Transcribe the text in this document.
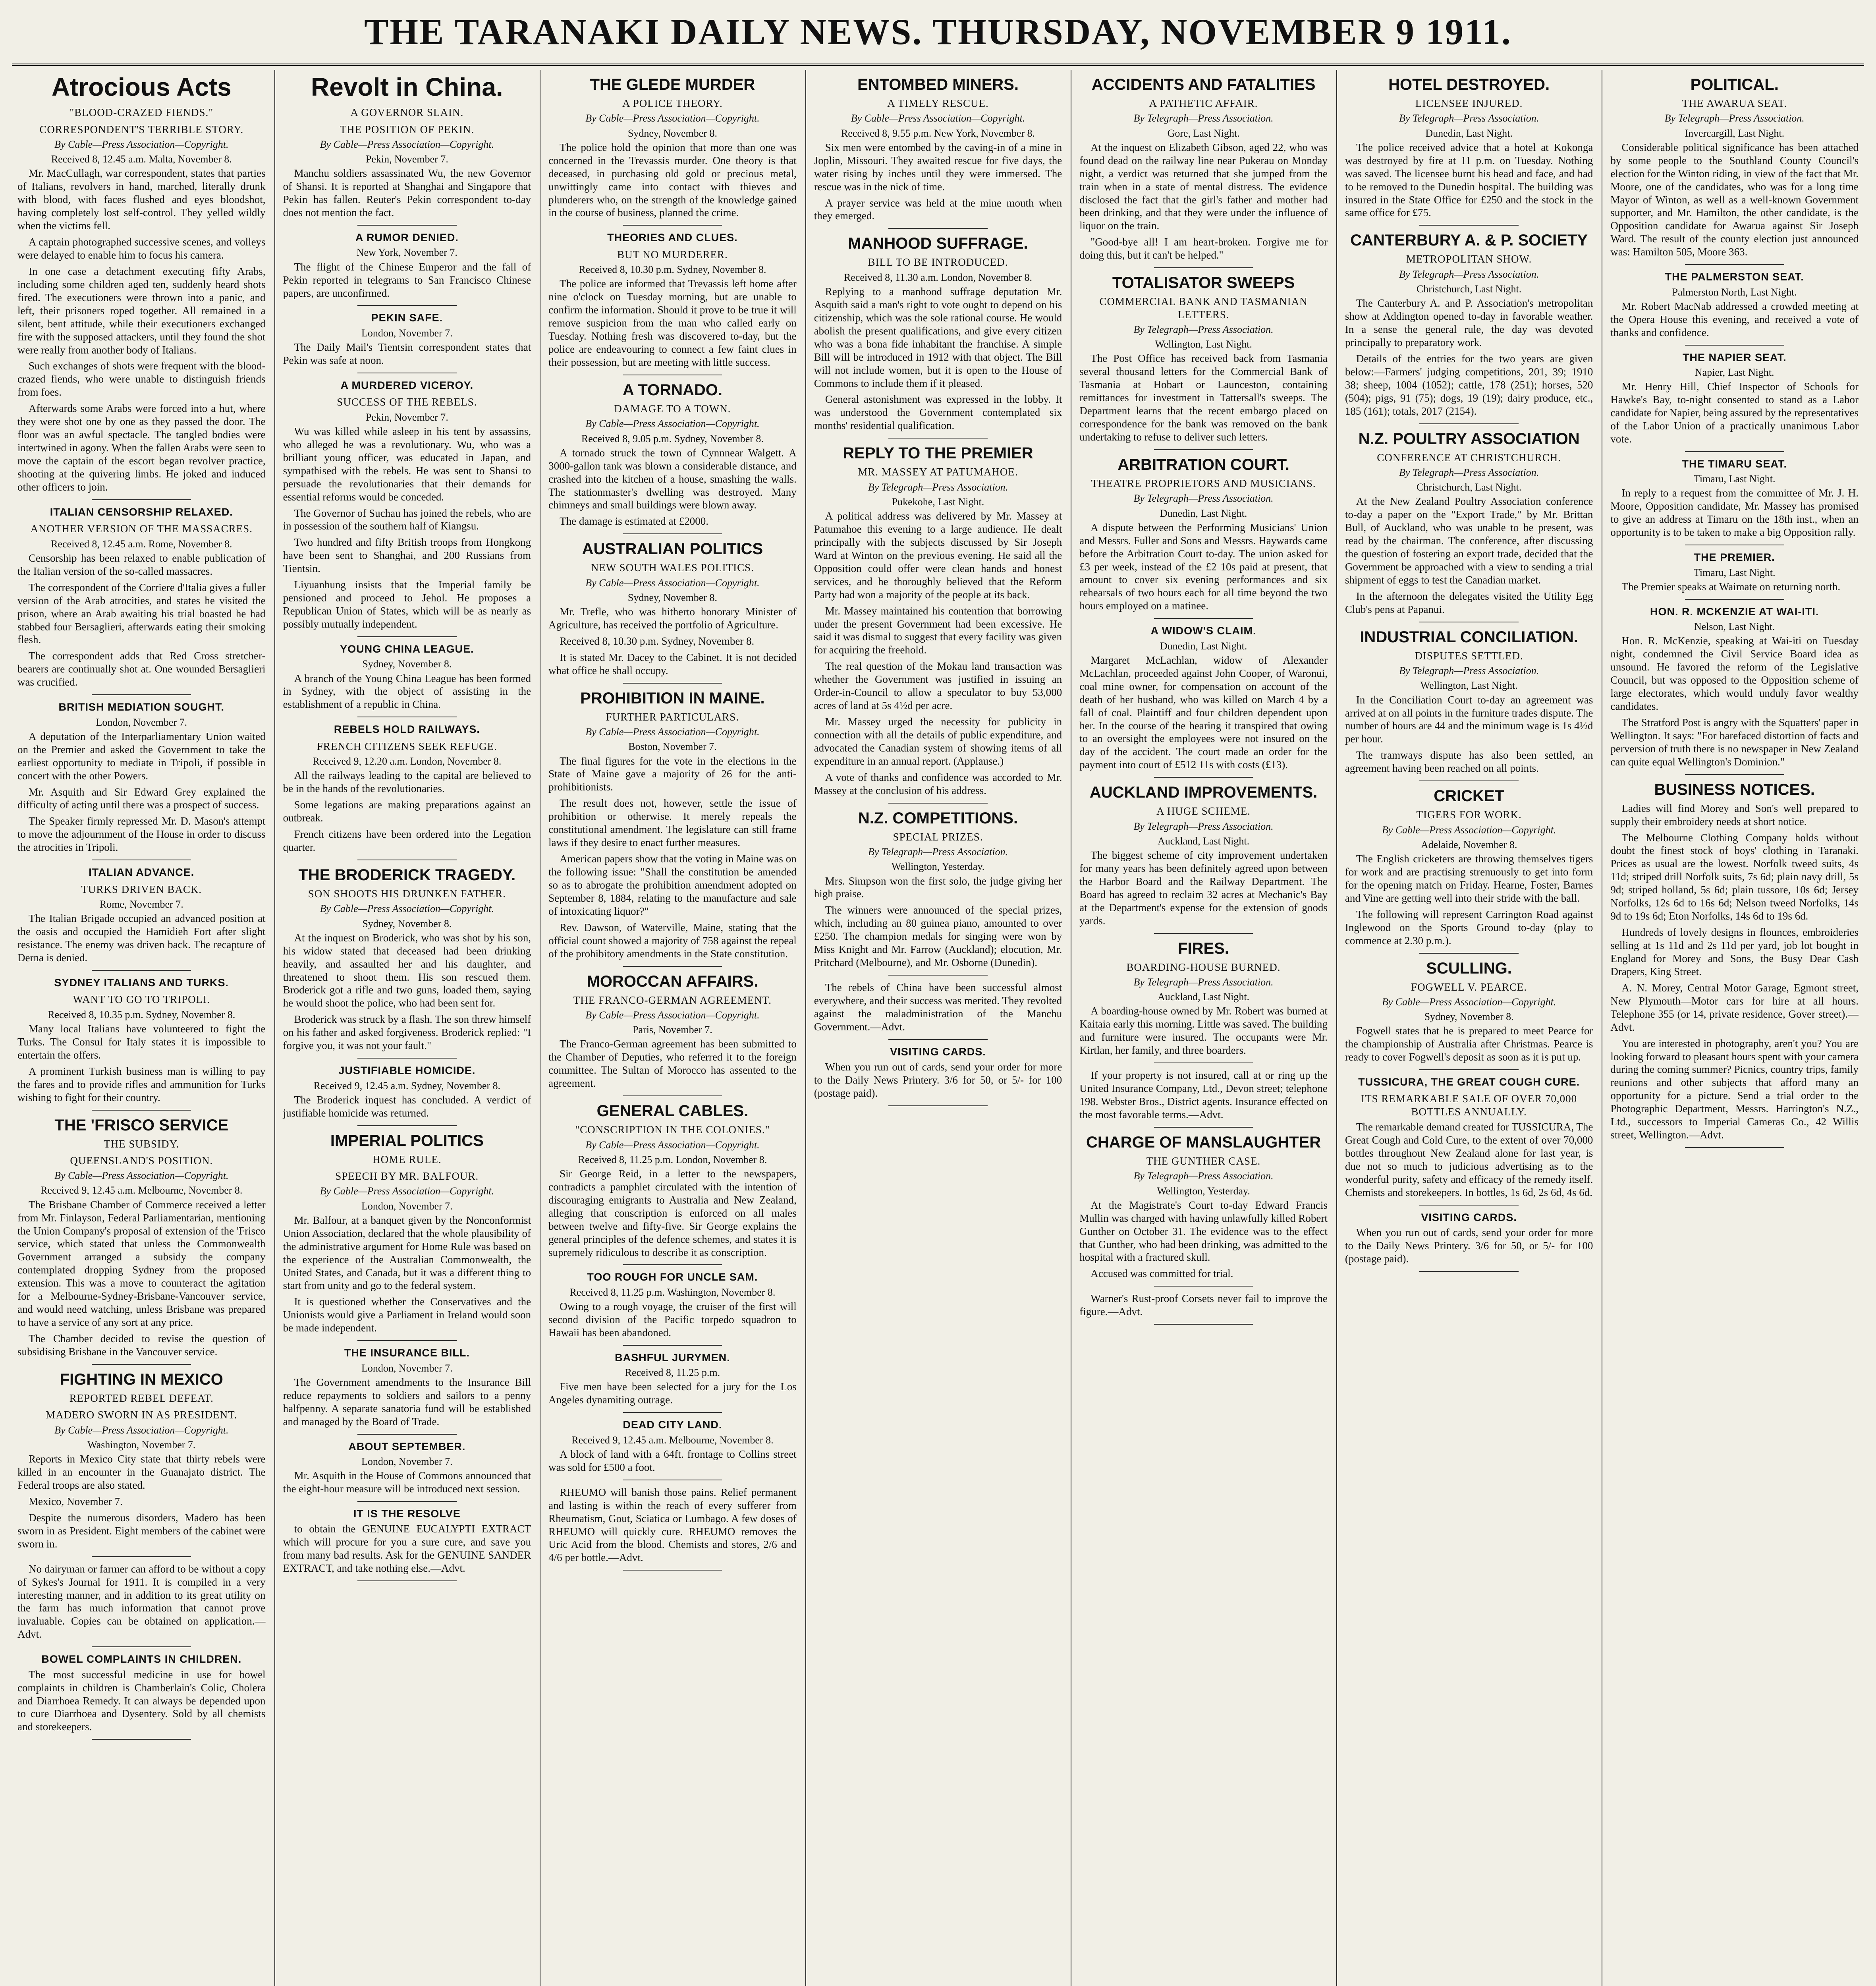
THE TARANAKI DAILY NEWS. THURSDAY, NOVEMBER 9 1911.
Atrocious Acts
"BLOOD-CRAZED FIENDS."
CORRESPONDENT'S TERRIBLE STORY.
By Cable—Press Association—Copyright.
Received 8, 12.45 a.m. Malta, November 8.

Mr. MacCullagh, war correspondent, states that parties of Italians, revolvers in hand, marched, literally drunk with blood, with faces flushed and eyes bloodshot, having completely lost self-control. They yelled wildly when the victims fell.

A captain photographed successive scenes, and volleys were delayed to enable him to focus his camera.

In one case a detachment executing fifty Arabs, including some children aged ten, suddenly heard shots fired. The executioners were thrown into a panic, and left, their prisoners roped together. All remained in a silent, bent attitude, while their executioners exchanged fire with the supposed attackers, until they found the shot were really from another body of Italians.

Such exchanges of shots were frequent with the blood-crazed fiends, who were unable to distinguish friends from foes.

Afterwards some Arabs were forced into a hut, where they were shot one by one as they passed the door. The floor was an awful spectacle. The tangled bodies were intertwined in agony. When the fallen Arabs were seen to move the captain of the escort began revolver practice, shooting at the quivering limbs. He joked and induced other officers to join.

ITALIAN CENSORSHIP RELAXED.
ANOTHER VERSION OF THE MASSACRES.
Received 8, 12.45 a.m. Rome, November 8.

Censorship has been relaxed to enable publication of the Italian version of the so-called massacres.

The correspondent of the Corriere d'Italia gives a fuller version of the Arab atrocities, and states he visited the prison, where an Arab awaiting his trial boasted he had stabbed four Bersaglieri, afterwards eating their smoking flesh.

The correspondent adds that Red Cross stretcher-bearers are continually shot at. One wounded Bersaglieri was crucified.

BRITISH MEDIATION SOUGHT.
London, November 7.

A deputation of the Interparliamentary Union waited on the Premier and asked the Government to take the earliest opportunity to mediate in Tripoli, if possible in concert with the other Powers.

Mr. Asquith and Sir Edward Grey explained the difficulty of acting until there was a prospect of success.

The Speaker firmly repressed Mr. D. Mason's attempt to move the adjournment of the House in order to discuss the atrocities in Tripoli.

ITALIAN ADVANCE.
TURKS DRIVEN BACK.
Rome, November 7.

The Italian Brigade occupied an advanced position at the oasis and occupied the Hamidieh Fort after slight resistance. The enemy was driven back. The recapture of Derna is denied.

SYDNEY ITALIANS AND TURKS.
WANT TO GO TO TRIPOLI.
Received 8, 10.35 p.m. Sydney, November 8.

Many local Italians have volunteered to fight the Turks. The Consul for Italy states it is impossible to entertain the offers.

A prominent Turkish business man is willing to pay the fares and to provide rifles and ammunition for Turks wishing to fight for their country.

THE 'FRISCO SERVICE
THE SUBSIDY.
QUEENSLAND'S POSITION.
By Cable—Press Association—Copyright.
Received 9, 12.45 a.m. Melbourne, November 8.

The Brisbane Chamber of Commerce received a letter from Mr. Finlayson, Federal Parliamentarian, mentioning the Union Company's proposal of extension of the 'Frisco service, which stated that unless the Commonwealth Government arranged a subsidy the company contemplated dropping Sydney from the proposed extension. This was a move to counteract the agitation for a Melbourne-Sydney-Brisbane-Vancouver service, and would need watching, unless Brisbane was prepared to have a service of any sort at any price.

The Chamber decided to revise the question of subsidising Brisbane in the Vancouver service.

FIGHTING IN MEXICO
REPORTED REBEL DEFEAT.
MADERO SWORN IN AS PRESIDENT.
By Cable—Press Association—Copyright.
Washington, November 7.

Reports in Mexico City state that thirty rebels were killed in an encounter in the Guanajato district. The Federal troops are also stated.

Mexico, November 7.

Despite the numerous disorders, Madero has been sworn in as President. Eight members of the cabinet were sworn in.

No dairyman or farmer can afford to be without a copy of Sykes's Journal for 1911. It is compiled in a very interesting manner, and in addition to its great utility on the farm has much information that cannot prove invaluable. Copies can be obtained on application.—Advt.

BOWEL COMPLAINTS IN CHILDREN.

The most successful medicine in use for bowel complaints in children is Chamberlain's Colic, Cholera and Diarrhoea Remedy. It can always be depended upon to cure Diarrhoea and Dysentery. Sold by all chemists and storekeepers.

Revolt in China.
A GOVERNOR SLAIN.
THE POSITION OF PEKIN.
By Cable—Press Association—Copyright.
Pekin, November 7.

Manchu soldiers assassinated Wu, the new Governor of Shansi. It is reported at Shanghai and Singapore that Pekin has fallen. Reuter's Pekin correspondent to-day does not mention the fact.

A RUMOR DENIED.
New York, November 7.

The flight of the Chinese Emperor and the fall of Pekin reported in telegrams to San Francisco Chinese papers, are unconfirmed.

PEKIN SAFE.
London, November 7.

The Daily Mail's Tientsin correspondent states that Pekin was safe at noon.

A MURDERED VICEROY.
SUCCESS OF THE REBELS.
Pekin, November 7.

Wu was killed while asleep in his tent by assassins, who alleged he was a revolutionary. Wu, who was a brilliant young officer, was educated in Japan, and sympathised with the rebels. He was sent to Shansi to persuade the revolutionaries that their demands for essential reforms would be conceded.

The Governor of Suchau has joined the rebels, who are in possession of the southern half of Kiangsu.

Two hundred and fifty British troops from Hongkong have been sent to Shanghai, and 200 Russians from Tientsin.

Liyuanhung insists that the Imperial family be pensioned and proceed to Jehol. He proposes a Republican Union of States, which will be as nearly as possibly mutually independent.

YOUNG CHINA LEAGUE.
Sydney, November 8.

A branch of the Young China League has been formed in Sydney, with the object of assisting in the establishment of a republic in China.

REBELS HOLD RAILWAYS.
FRENCH CITIZENS SEEK REFUGE.
Received 9, 12.20 a.m. London, November 8.

All the railways leading to the capital are believed to be in the hands of the revolutionaries.

Some legations are making preparations against an outbreak.

French citizens have been ordered into the Legation quarter.

THE BRODERICK TRAGEDY.
SON SHOOTS HIS DRUNKEN FATHER.
By Cable—Press Association—Copyright.
Sydney, November 8.

At the inquest on Broderick, who was shot by his son, his widow stated that deceased had been drinking heavily, and assaulted her and his daughter, and threatened to shoot them. His son rescued them. Broderick got a rifle and two guns, loaded them, saying he would shoot the police, who had been sent for.

Broderick was struck by a flash. The son threw himself on his father and asked forgiveness. Broderick replied: "I forgive you, it was not your fault."

JUSTIFIABLE HOMICIDE.
Received 9, 12.45 a.m. Sydney, November 8.

The Broderick inquest has concluded. A verdict of justifiable homicide was returned.

IMPERIAL POLITICS
HOME RULE.
SPEECH BY MR. BALFOUR.
By Cable—Press Association—Copyright.
London, November 7.

Mr. Balfour, at a banquet given by the Nonconformist Union Association, declared that the whole plausibility of the administrative argument for Home Rule was based on the experience of the Australian Commonwealth, the United States, and Canada, but it was a different thing to start from unity and go to the federal system.

It is questioned whether the Conservatives and the Unionists would give a Parliament in Ireland would soon be made independent.

THE INSURANCE BILL.
London, November 7.

The Government amendments to the Insurance Bill reduce repayments to soldiers and sailors to a penny halfpenny. A separate sanatoria fund will be established and managed by the Board of Trade.

ABOUT SEPTEMBER.
London, November 7.

Mr. Asquith in the House of Commons announced that the eight-hour measure will be introduced next session.

IT IS THE RESOLVE

to obtain the GENUINE EUCALYPTI EXTRACT which will procure for you a sure cure, and save you from many bad results. Ask for the GENUINE SANDER EXTRACT, and take nothing else.—Advt.

THE GLEDE MURDER
A POLICE THEORY.
By Cable—Press Association—Copyright.
Sydney, November 8.

The police hold the opinion that more than one was concerned in the Trevassis murder. One theory is that deceased, in purchasing old gold or precious metal, unwittingly came into contact with thieves and plunderers who, on the strength of the knowledge gained in the course of business, planned the crime.

THEORIES AND CLUES.
BUT NO MURDERER.
Received 8, 10.30 p.m. Sydney, November 8.

The police are informed that Trevassis left home after nine o'clock on Tuesday morning, but are unable to confirm the information. Should it prove to be true it will remove suspicion from the man who called early on Tuesday. Nothing fresh was discovered to-day, but the police are endeavouring to connect a few faint clues in their possession, but are meeting with little success.

A TORNADO.
DAMAGE TO A TOWN.
By Cable—Press Association—Copyright.
Received 8, 9.05 p.m. Sydney, November 8.

A tornado struck the town of Cynnnear Walgett. A 3000-gallon tank was blown a considerable distance, and crashed into the kitchen of a house, smashing the walls. The stationmaster's dwelling was destroyed. Many chimneys and small buildings were blown away.

The damage is estimated at £2000.

AUSTRALIAN POLITICS
NEW SOUTH WALES POLITICS.
By Cable—Press Association—Copyright.
Sydney, November 8.

Mr. Trefle, who was hitherto honorary Minister of Agriculture, has received the portfolio of Agriculture.

Received 8, 10.30 p.m. Sydney, November 8.

It is stated Mr. Dacey to the Cabinet. It is not decided what office he shall occupy.

PROHIBITION IN MAINE.
FURTHER PARTICULARS.
By Cable—Press Association—Copyright.
Boston, November 7.

The final figures for the vote in the elections in the State of Maine gave a majority of 26 for the anti-prohibitionists.

The result does not, however, settle the issue of prohibition or otherwise. It merely repeals the constitutional amendment. The legislature can still frame laws if they desire to enact further measures.

American papers show that the voting in Maine was on the following issue: "Shall the constitution be amended so as to abrogate the prohibition amendment adopted on September 8, 1884, relating to the manufacture and sale of intoxicating liquor?"

Rev. Dawson, of Waterville, Maine, stating that the official count showed a majority of 758 against the repeal of the prohibitory amendments in the State constitution.

MOROCCAN AFFAIRS.
THE FRANCO-GERMAN AGREEMENT.
By Cable—Press Association—Copyright.
Paris, November 7.

The Franco-German agreement has been submitted to the Chamber of Deputies, who referred it to the foreign committee. The Sultan of Morocco has assented to the agreement.

GENERAL CABLES.
"CONSCRIPTION IN THE COLONIES."
By Cable—Press Association—Copyright.
Received 8, 11.25 p.m. London, November 8.

Sir George Reid, in a letter to the newspapers, contradicts a pamphlet circulated with the intention of discouraging emigrants to Australia and New Zealand, alleging that conscription is enforced on all males between twelve and fifty-five. Sir George explains the general principles of the defence schemes, and states it is supremely ridiculous to describe it as conscription.

TOO ROUGH FOR UNCLE SAM.
Received 8, 11.25 p.m. Washington, November 8.

Owing to a rough voyage, the cruiser of the first will second division of the Pacific torpedo squadron to Hawaii has been abandoned.

BASHFUL JURYMEN.
Received 8, 11.25 p.m.

Five men have been selected for a jury for the Los Angeles dynamiting outrage.

DEAD CITY LAND.
Received 9, 12.45 a.m. Melbourne, November 8.

A block of land with a 64ft. frontage to Collins street was sold for £500 a foot.

RHEUMO will banish those pains. Relief permanent and lasting is within the reach of every sufferer from Rheumatism, Gout, Sciatica or Lumbago. A few doses of RHEUMO will quickly cure. RHEUMO removes the Uric Acid from the blood. Chemists and stores, 2/6 and 4/6 per bottle.—Advt.

ENTOMBED MINERS.
A TIMELY RESCUE.
By Cable—Press Association—Copyright.
Received 8, 9.55 p.m. New York, November 8.

Six men were entombed by the caving-in of a mine in Joplin, Missouri. They awaited rescue for five days, the water rising by inches until they were immersed. The rescue was in the nick of time.

A prayer service was held at the mine mouth when they emerged.

MANHOOD SUFFRAGE.
BILL TO BE INTRODUCED.
Received 8, 11.30 a.m. London, November 8.

Replying to a manhood suffrage deputation Mr. Asquith said a man's right to vote ought to depend on his citizenship, which was the sole rational course. He would abolish the present qualifications, and give every citizen who was a bona fide inhabitant the franchise. A simple Bill will be introduced in 1912 with that object. The Bill will not include women, but it is open to the House of Commons to include them if it pleased.

General astonishment was expressed in the lobby. It was understood the Government contemplated six months' residential qualification.

REPLY TO THE PREMIER
MR. MASSEY AT PATUMAHOE.
By Telegraph—Press Association.
Pukekohe, Last Night.

A political address was delivered by Mr. Massey at Patumahoe this evening to a large audience. He dealt principally with the subjects discussed by Sir Joseph Ward at Winton on the previous evening. He said all the Opposition could offer were clean hands and honest services, and he thoroughly believed that the Reform Party had won a majority of the people at its back.

Mr. Massey maintained his contention that borrowing under the present Government had been excessive. He said it was dismal to suggest that every facility was given for acquiring the freehold.

The real question of the Mokau land transaction was whether the Government was justified in issuing an Order-in-Council to allow a speculator to buy 53,000 acres of land at 5s 4½d per acre.

Mr. Massey urged the necessity for publicity in connection with all the details of public expenditure, and advocated the Canadian system of showing items of all expenditure in an annual report. (Applause.)

A vote of thanks and confidence was accorded to Mr. Massey at the conclusion of his address.

N.Z. COMPETITIONS.
SPECIAL PRIZES.
By Telegraph—Press Association.
Wellington, Yesterday.

Mrs. Simpson won the first solo, the judge giving her high praise.

The winners were announced of the special prizes, which, including an 80 guinea piano, amounted to over £250. The champion medals for singing were won by Miss Knight and Mr. Farrow (Auckland); elocution, Mr. Pritchard (Melbourne), and Mr. Osborne (Dunedin).

The rebels of China have been successful almost everywhere, and their success was merited. They revolted against the maladministration of the Manchu Government.—Advt.

VISITING CARDS.

When you run out of cards, send your order for more to the Daily News Printery. 3/6 for 50, or 5/- for 100 (postage paid).

ACCIDENTS AND FATALITIES
A PATHETIC AFFAIR.
By Telegraph—Press Association.
Gore, Last Night.

At the inquest on Elizabeth Gibson, aged 22, who was found dead on the railway line near Pukerau on Monday night, a verdict was returned that she jumped from the train when in a state of mental distress. The evidence disclosed the fact that the girl's father and mother had been drinking, and that they were under the influence of liquor on the train.

"Good-bye all! I am heart-broken. Forgive me for doing this, but it can't be helped."

TOTALISATOR SWEEPS
COMMERCIAL BANK AND TASMANIAN LETTERS.
By Telegraph—Press Association.
Wellington, Last Night.

The Post Office has received back from Tasmania several thousand letters for the Commercial Bank of Tasmania at Hobart or Launceston, containing remittances for investment in Tattersall's sweeps. The Department learns that the recent embargo placed on correspondence for the bank was removed on the bank undertaking to refuse to deliver such letters.

ARBITRATION COURT.
THEATRE PROPRIETORS AND MUSICIANS.
By Telegraph—Press Association.
Dunedin, Last Night.

A dispute between the Performing Musicians' Union and Messrs. Fuller and Sons and Messrs. Haywards came before the Arbitration Court to-day. The union asked for £3 per week, instead of the £2 10s paid at present, that amount to cover six evening performances and six rehearsals of two hours each for all time beyond the two hours employed on a matinee.

A WIDOW'S CLAIM.
Dunedin, Last Night.

Margaret McLachlan, widow of Alexander McLachlan, proceeded against John Cooper, of Waronui, coal mine owner, for compensation on account of the death of her husband, who was killed on March 4 by a fall of coal. Plaintiff and four children dependent upon her. In the course of the hearing it transpired that owing to an oversight the employees were not insured on the day of the accident. The court made an order for the payment into court of £512 11s with costs (£13).

AUCKLAND IMPROVEMENTS.
A HUGE SCHEME.
By Telegraph—Press Association.
Auckland, Last Night.

The biggest scheme of city improvement undertaken for many years has been definitely agreed upon between the Harbor Board and the Railway Department. The Board has agreed to reclaim 32 acres at Mechanic's Bay at the Department's expense for the extension of goods yards.

FIRES.
BOARDING-HOUSE BURNED.
By Telegraph—Press Association.
Auckland, Last Night.

A boarding-house owned by Mr. Robert was burned at Kaitaia early this morning. Little was saved. The building and furniture were insured. The occupants were Mr. Kirtlan, her family, and three boarders.

If your property is not insured, call at or ring up the United Insurance Company, Ltd., Devon street; telephone 198. Webster Bros., District agents. Insurance effected on the most favorable terms.—Advt.

CHARGE OF MANSLAUGHTER
THE GUNTHER CASE.
By Telegraph—Press Association.
Wellington, Yesterday.

At the Magistrate's Court to-day Edward Francis Mullin was charged with having unlawfully killed Robert Gunther on October 31. The evidence was to the effect that Gunther, who had been drinking, was admitted to the hospital with a fractured skull.

Accused was committed for trial.

Warner's Rust-proof Corsets never fail to improve the figure.—Advt.

HOTEL DESTROYED.
LICENSEE INJURED.
By Telegraph—Press Association.
Dunedin, Last Night.

The police received advice that a hotel at Kokonga was destroyed by fire at 11 p.m. on Tuesday. Nothing was saved. The licensee burnt his head and face, and had to be removed to the Dunedin hospital. The building was insured in the State Office for £250 and the stock in the same office for £75.

CANTERBURY A. & P. SOCIETY
METROPOLITAN SHOW.
By Telegraph—Press Association.
Christchurch, Last Night.

The Canterbury A. and P. Association's metropolitan show at Addington opened to-day in favorable weather. In a sense the general rule, the day was devoted principally to preparatory work.

Details of the entries for the two years are given below:—Farmers' judging competitions, 201, 39; 1910 38; sheep, 1004 (1052); cattle, 178 (251); horses, 520 (504); pigs, 91 (75); dogs, 19 (19); dairy produce, etc., 185 (161); totals, 2017 (2154).

N.Z. POULTRY ASSOCIATION
CONFERENCE AT CHRISTCHURCH.
By Telegraph—Press Association.
Christchurch, Last Night.

At the New Zealand Poultry Association conference to-day a paper on the "Export Trade," by Mr. Brittan Bull, of Auckland, who was unable to be present, was read by the chairman. The conference, after discussing the question of fostering an export trade, decided that the Government be approached with a view to sending a trial shipment of eggs to test the Canadian market.

In the afternoon the delegates visited the Utility Egg Club's pens at Papanui.

INDUSTRIAL CONCILIATION.
DISPUTES SETTLED.
By Telegraph—Press Association.
Wellington, Last Night.

In the Conciliation Court to-day an agreement was arrived at on all points in the furniture trades dispute. The number of hours are 44 and the minimum wage is 1s 4½d per hour.

The tramways dispute has also been settled, an agreement having been reached on all points.

CRICKET
TIGERS FOR WORK.
By Cable—Press Association—Copyright.
Adelaide, November 8.

The English cricketers are throwing themselves tigers for work and are practising strenuously to get into form for the opening match on Friday. Hearne, Foster, Barnes and Vine are getting well into their stride with the ball.

The following will represent Carrington Road against Inglewood on the Sports Ground to-day (play to commence at 2.30 p.m.).

SCULLING.
FOGWELL V. PEARCE.
By Cable—Press Association—Copyright.
Sydney, November 8.

Fogwell states that he is prepared to meet Pearce for the championship of Australia after Christmas. Pearce is ready to cover Fogwell's deposit as soon as it is put up.

TUSSICURA, THE GREAT COUGH CURE.
ITS REMARKABLE SALE OF OVER 70,000 BOTTLES ANNUALLY.

The remarkable demand created for TUSSICURA, The Great Cough and Cold Cure, to the extent of over 70,000 bottles throughout New Zealand alone for last year, is due not so much to judicious advertising as to the wonderful purity, safety and efficacy of the remedy itself. Chemists and storekeepers. In bottles, 1s 6d, 2s 6d, 4s 6d.

VISITING CARDS.

When you run out of cards, send your order for more to the Daily News Printery. 3/6 for 50, or 5/- for 100 (postage paid).

POLITICAL.
THE AWARUA SEAT.
By Telegraph—Press Association.
Invercargill, Last Night.

Considerable political significance has been attached by some people to the Southland County Council's election for the Winton riding, in view of the fact that Mr. Moore, one of the candidates, who was for a long time Mayor of Winton, as well as a well-known Government supporter, and Mr. Hamilton, the other candidate, is the Opposition candidate for Awarua against Sir Joseph Ward. The result of the county election just announced was: Hamilton 505, Moore 363.

THE PALMERSTON SEAT.
Palmerston North, Last Night.

Mr. Robert MacNab addressed a crowded meeting at the Opera House this evening, and received a vote of thanks and confidence.

THE NAPIER SEAT.
Napier, Last Night.

Mr. Henry Hill, Chief Inspector of Schools for Hawke's Bay, to-night consented to stand as a Labor candidate for Napier, being assured by the representatives of the Labor Union of a practically unanimous Labor vote.

THE TIMARU SEAT.
Timaru, Last Night.

In reply to a request from the committee of Mr. J. H. Moore, Opposition candidate, Mr. Massey has promised to give an address at Timaru on the 18th inst., when an opportunity is to be taken to make a big Opposition rally.

THE PREMIER.
Timaru, Last Night.

The Premier speaks at Waimate on returning north.

HON. R. MCKENZIE AT WAI-ITI.
Nelson, Last Night.

Hon. R. McKenzie, speaking at Wai-iti on Tuesday night, condemned the Civil Service Board idea as unsound. He favored the reform of the Legislative Council, but was opposed to the Opposition scheme of large electorates, which would unduly favor wealthy candidates.

The Stratford Post is angry with the Squatters' paper in Wellington. It says: "For barefaced distortion of facts and perversion of truth there is no newspaper in New Zealand can quite equal Wellington's Dominion."

BUSINESS NOTICES.

Ladies will find Morey and Son's well prepared to supply their embroidery needs at short notice.

The Melbourne Clothing Company holds without doubt the finest stock of boys' clothing in Taranaki. Prices as usual are the lowest. Norfolk tweed suits, 4s 11d; striped drill Norfolk suits, 7s 6d; plain navy drill, 5s 9d; striped holland, 5s 6d; plain tussore, 10s 6d; Jersey Norfolks, 12s 6d to 16s 6d; Nelson tweed Norfolks, 14s 9d to 19s 6d; Eton Norfolks, 14s 6d to 19s 6d.

Hundreds of lovely designs in flounces, embroideries selling at 1s 11d and 2s 11d per yard, job lot bought in England for Morey and Sons, the Busy Dear Cash Drapers, King Street.

A. N. Morey, Central Motor Garage, Egmont street, New Plymouth—Motor cars for hire at all hours. Telephone 355 (or 14, private residence, Gover street).—Advt.

You are interested in photography, aren't you? You are looking forward to pleasant hours spent with your camera during the coming summer? Picnics, country trips, family reunions and other subjects that afford many an opportunity for a picture. Send a trial order to the Photographic Department, Messrs. Harrington's N.Z., Ltd., successors to Imperial Cameras Co., 42 Willis street, Wellington.—Advt.
